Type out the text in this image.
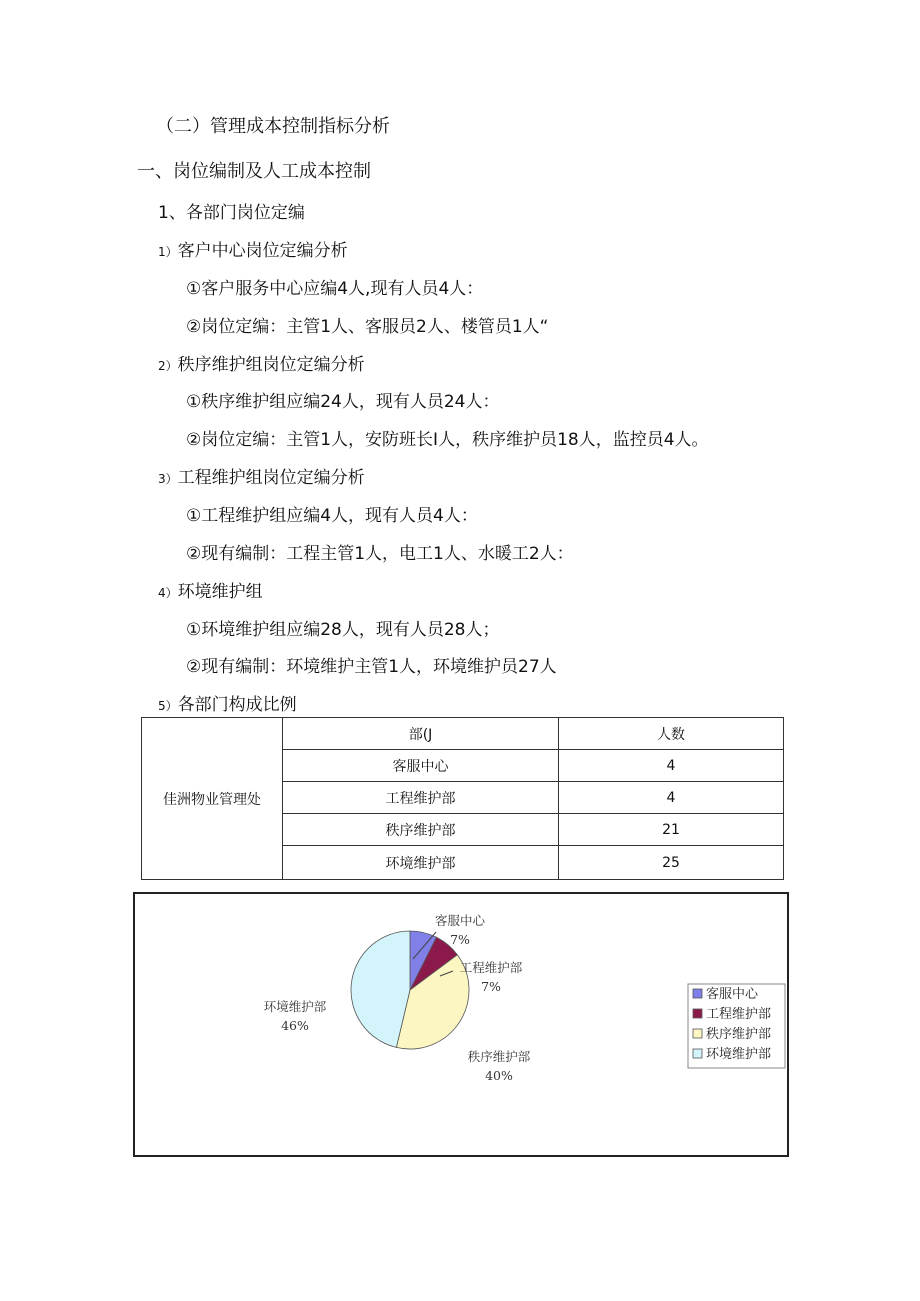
（二）管理成本控制指标分析
一、岗位编制及人工成本控制
1、各部门岗位定编
1）客户中心岗位定编分析
①客户服务中心应编4人,现有人员4人：
②岗位定编：主管1人、客服员2人、楼管员1人“
2）秩序维护组岗位定编分析
①秩序维护组应编24人，现有人员24人：
②岗位定编：主管1人，安防班长I人，秩序维护员18人，监控员4人。
3）工程维护组岗位定编分析
①工程维护组应编4人，现有人员4人：
②现有编制：工程主管1人，电工1人、水暖工2人：
4）环境维护组
①环境维护组应编28人，现有人员28人；
②现有编制：环境维护主管1人，环境维护员27人
5）各部门构成比例
佳洲物业管理处	部(J	人数
	客服中心	4
	工程维护部	4
	秩序维护部	21
	环境维护部	25
客服中心
7%
工程维护部
7%
秩序维护部
40%
环境维护部
46%
客服中心
工程维护部
秩序维护部
环境维护部
